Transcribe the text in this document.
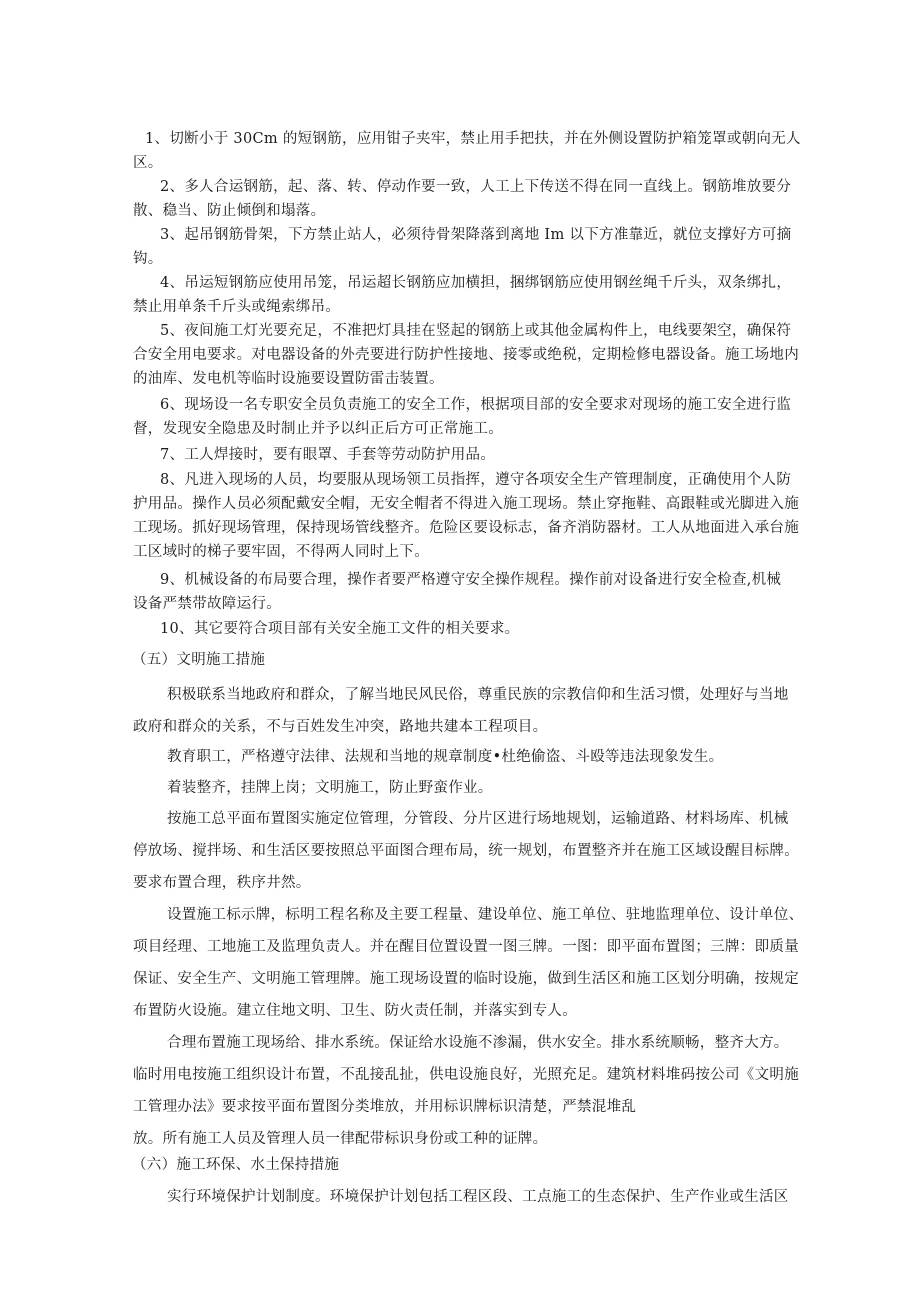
1、切断小于 30Cm 的短钢筋，应用钳子夹牢，禁止用手把扶，并在外侧设置防护箱笼罩或朝向无人
区。
2、多人合运钢筋，起、落、转、停动作要一致，人工上下传送不得在同一直线上。钢筋堆放要分
散、稳当、防止倾倒和塌落。
3、起吊钢筋骨架，下方禁止站人，必须待骨架降落到离地 Im 以下方准靠近，就位支撑好方可摘
钩。
4、吊运短钢筋应使用吊笼，吊运超长钢筋应加横担，捆绑钢筋应使用钢丝绳千斤头，双条绑扎，
禁止用单条千斤头或绳索绑吊。
5、夜间施工灯光要充足，不准把灯具挂在竖起的钢筋上或其他金属构件上，电线要架空，确保符
合安全用电要求。对电器设备的外壳要进行防护性接地、接零或绝税，定期检修电器设备。施工场地内
的油库、发电机等临时设施要设置防雷击装置。
6、现场设一名专职安全员负责施工的安全工作，根据项目部的安全要求对现场的施工安全进行监
督，发现安全隐患及时制止并予以纠正后方可正常施工。
7、工人焊接时，要有眼罩、手套等劳动防护用品。
8、凡进入现场的人员，均要服从现场领工员指挥，遵守各项安全生产管理制度，正确使用个人防
护用品。操作人员必须配戴安全帽，无安全帽者不得进入施工现场。禁止穿拖鞋、高跟鞋或光脚进入施
工现场。抓好现场管理，保持现场管线整齐。危险区要设标志，备齐消防器材。工人从地面进入承台施
工区域时的梯子要牢固，不得两人同时上下。
9、机械设备的布局要合理，操作者要严格遵守安全操作规程。操作前对设备进行安全检查,机械
设备严禁带故障运行。
10、其它要符合项目部有关安全施工文件的相关要求。
（五）文明施工措施
积极联系当地政府和群众，了解当地民风民俗，尊重民族的宗教信仰和生活习惯，处理好与当地
政府和群众的关系，不与百姓发生冲突，路地共建本工程项目。
教育职工，严格遵守法律、法规和当地的规章制度•杜绝偷盗、斗殴等违法现象发生。
着装整齐，挂牌上岗；文明施工，防止野蛮作业。
按施工总平面布置图实施定位管理，分管段、分片区进行场地规划，运输道路、材料场库、机械
停放场、搅拌场、和生活区要按照总平面图合理布局，统一规划，布置整齐并在施工区域设醒目标牌。
要求布置合理，秩序井然。
设置施工标示牌，标明工程名称及主要工程量、建设单位、施工单位、驻地监理单位、设计单位、
项目经理、工地施工及监理负责人。并在醒目位置设置一图三牌。一图：即平面布置图；三牌：即质量
保证、安全生产、文明施工管理牌。施工现场设置的临时设施，做到生活区和施工区划分明确，按规定
布置防火设施。建立住地文明、卫生、防火责任制，并落实到专人。
合理布置施工现场给、排水系统。保证给水设施不渗漏，供水安全。排水系统顺畅，整齐大方。
临时用电按施工组织设计布置，不乱接乱扯，供电设施良好，光照充足。建筑材料堆码按公司《文明施
工管理办法》要求按平面布置图分类堆放，并用标识牌标识清楚，严禁混堆乱
放。所有施工人员及管理人员一律配带标识身份或工种的证牌。
（六）施工环保、水土保持措施
实行环境保护计划制度。环境保护计划包括工程区段、工点施工的生态保护、生产作业或生活区
